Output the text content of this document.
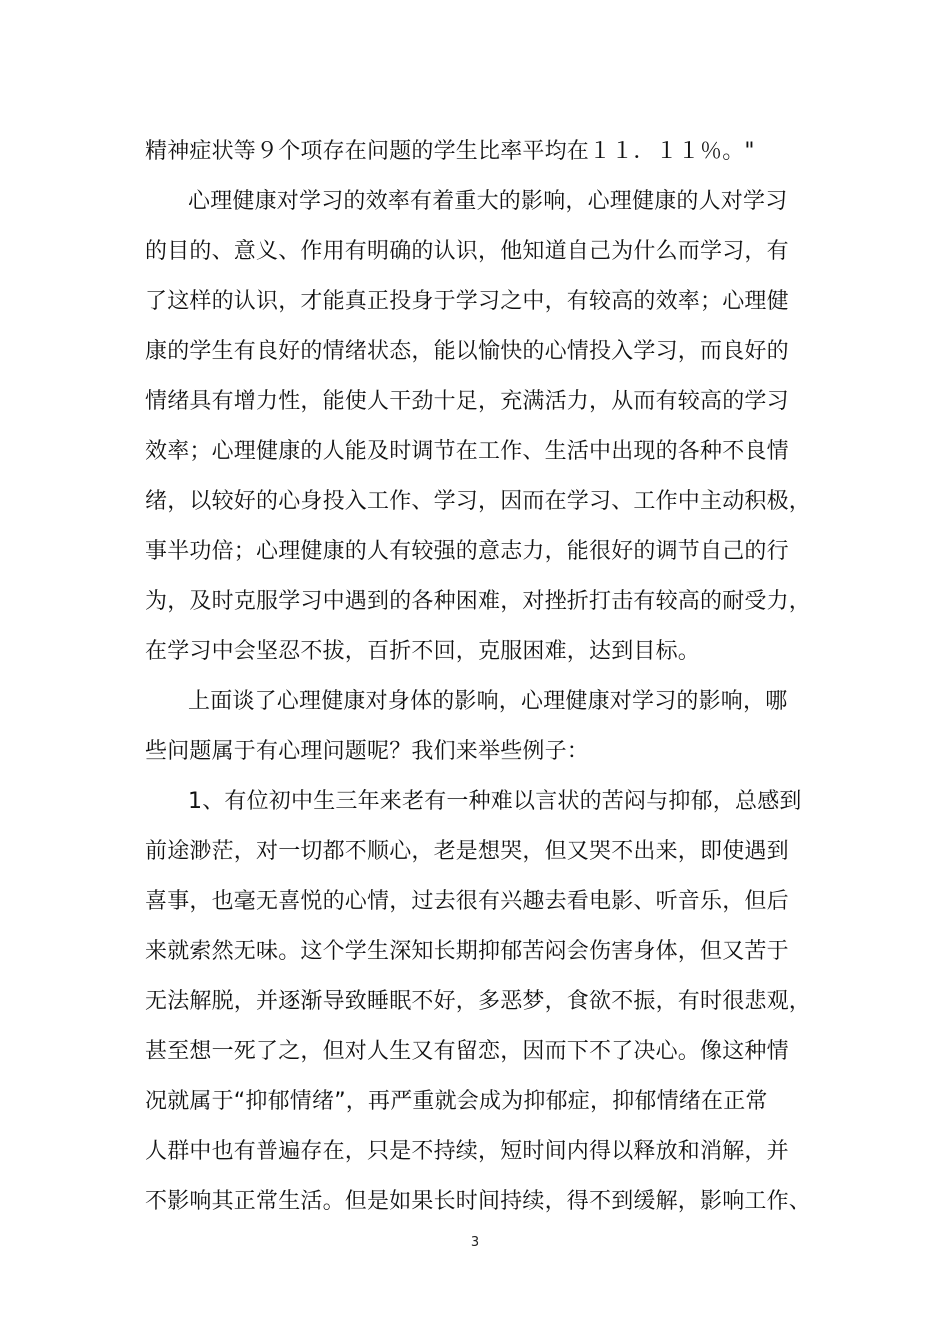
精神症状等９个项存在问题的学生比率平均在１１．１１％。"
心理健康对学习的效率有着重大的影响，心理健康的人对学习
的目的、意义、作用有明确的认识，他知道自己为什么而学习，有
了这样的认识，才能真正投身于学习之中，有较高的效率；心理健
康的学生有良好的情绪状态，能以愉快的心情投入学习，而良好的
情绪具有增力性，能使人干劲十足，充满活力，从而有较高的学习
效率；心理健康的人能及时调节在工作、生活中出现的各种不良情
绪，以较好的心身投入工作、学习，因而在学习、工作中主动积极，
事半功倍；心理健康的人有较强的意志力，能很好的调节自己的行
为，及时克服学习中遇到的各种困难，对挫折打击有较高的耐受力，
在学习中会坚忍不拔，百折不回，克服困难，达到目标。
上面谈了心理健康对身体的影响，心理健康对学习的影响，哪
些问题属于有心理问题呢？我们来举些例子：
1、有位初中生三年来老有一种难以言状的苦闷与抑郁，总感到
前途渺茫，对一切都不顺心，老是想哭，但又哭不出来，即使遇到
喜事，也毫无喜悦的心情，过去很有兴趣去看电影、听音乐，但后
来就索然无味。这个学生深知长期抑郁苦闷会伤害身体，但又苦于
无法解脱，并逐渐导致睡眠不好，多恶梦，食欲不振，有时很悲观，
甚至想一死了之，但对人生又有留恋，因而下不了决心。像这种情
况就属于“抑郁情绪”，再严重就会成为抑郁症，抑郁情绪在正常
人群中也有普遍存在，只是不持续，短时间内得以释放和消解，并
不影响其正常生活。但是如果长时间持续，得不到缓解，影响工作、
3
